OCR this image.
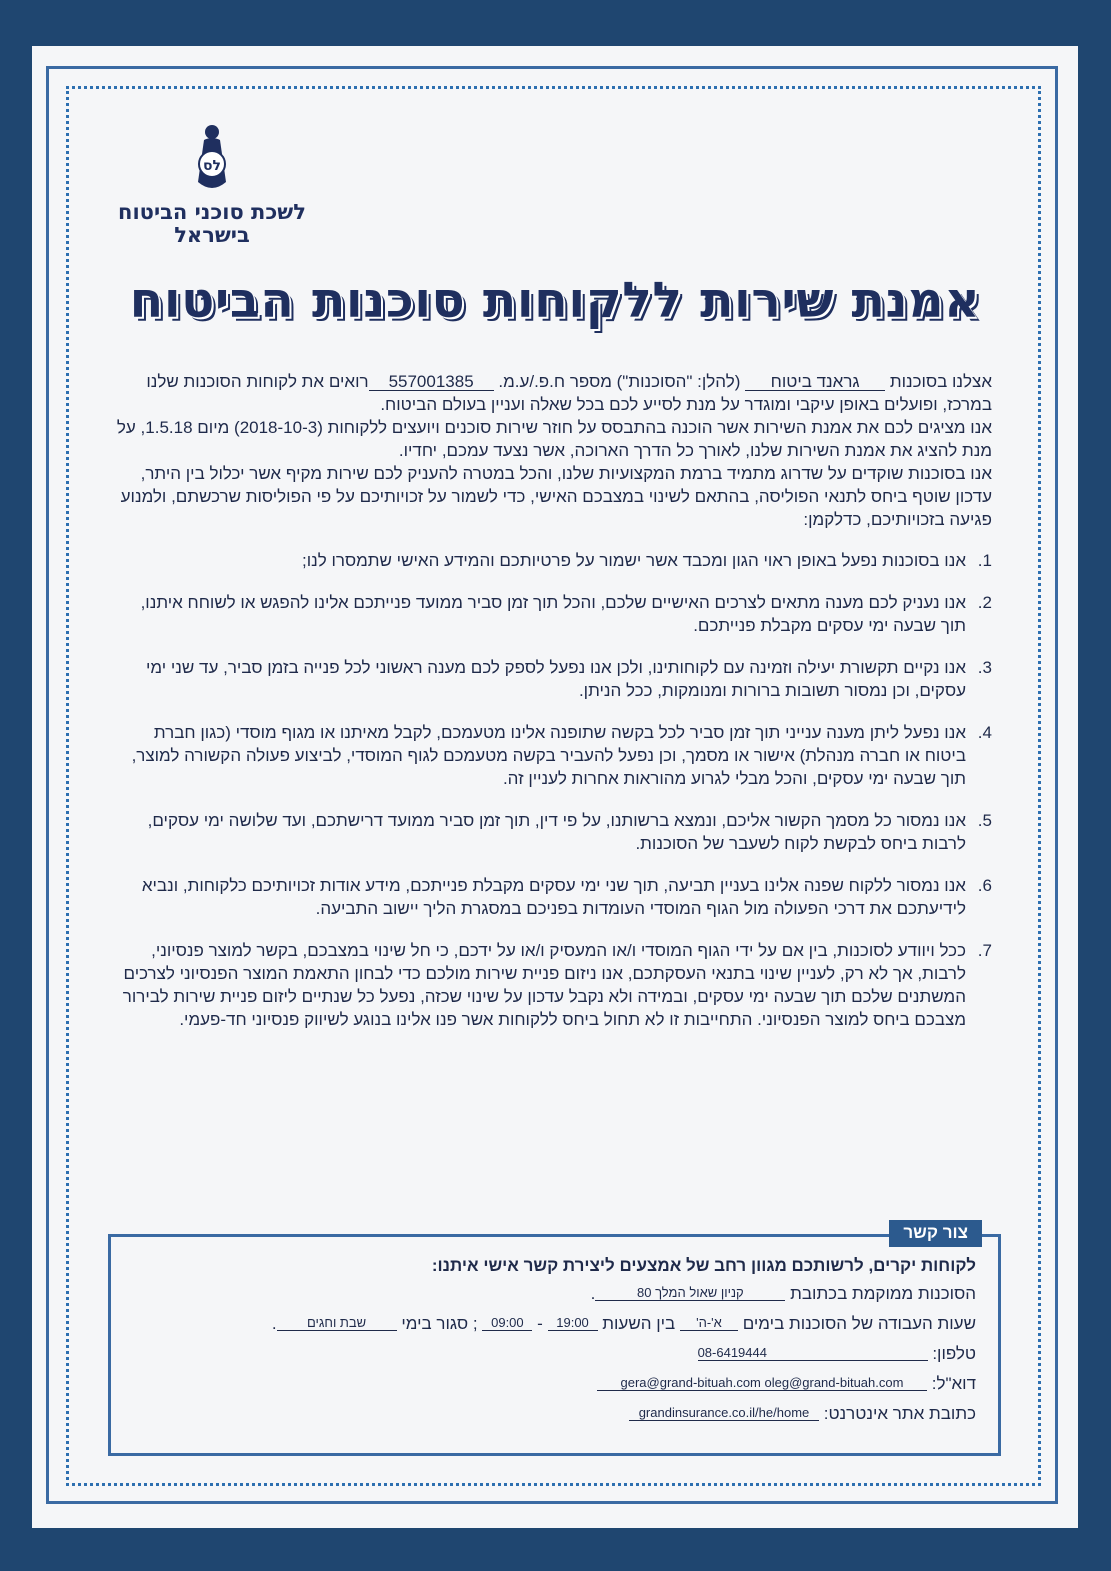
לס
לשכת סוכני הביטוח
בישראל
אמנת שירות ללקוחות סוכנות הביטוח

אצלנו בסוכנות גראנד ביטוח (להלן: "הסוכנות") מספר ח.פ./ע.מ. 557001385רואים את לקוחות הסוכנות שלנו במרכז, ופועלים באופן עיקבי ומוגדר על מנת לסייע לכם בכל שאלה ועניין בעולם הביטוח.

אנו מציגים לכם את אמנת השירות אשר הוכנה בהתבסס על חוזר שירות סוכנים ויועצים ללקוחות (2018-10-3) מיום 1.5.18, על מנת להציג את אמנת השירות שלנו, לאורך כל הדרך הארוכה, אשר נצעד עמכם, יחדיו.

אנו בסוכנות שוקדים על שדרוג מתמיד ברמת המקצועיות שלנו, והכל במטרה להעניק לכם שירות מקיף אשר יכלול בין היתר, עדכון שוטף ביחס לתנאי הפוליסה, בהתאם לשינוי במצבכם האישי, כדי לשמור על זכויותיכם על פי הפוליסות שרכשתם, ולמנוע פגיעה בזכויותיכם, כדלקמן:

1.
אנו בסוכנות נפעל באופן ראוי הגון ומכבד אשר ישמור על פרטיותכם והמידע האישי שתמסרו לנו;
2.
אנו נעניק לכם מענה מתאים לצרכים האישיים שלכם, והכל תוך זמן סביר ממועד פנייתכם אלינו להפגש או לשוחח איתנו, תוך שבעה ימי עסקים מקבלת פנייתכם.
3.
אנו נקיים תקשורת יעילה וזמינה עם לקוחותינו, ולכן אנו נפעל לספק לכם מענה ראשוני לכל פנייה בזמן סביר, עד שני ימי עסקים, וכן נמסור תשובות ברורות ומנומקות, ככל הניתן.
4.
אנו נפעל ליתן מענה ענייני תוך זמן סביר לכל בקשה שתופנה אלינו מטעמכם, לקבל מאיתנו או מגוף מוסדי (כגון חברת ביטוח או חברה מנהלת) אישור או מסמך, וכן נפעל להעביר בקשה מטעמכם לגוף המוסדי, לביצוע פעולה הקשורה למוצר, תוך שבעה ימי עסקים, והכל מבלי לגרוע מהוראות אחרות לעניין זה.
5.
אנו נמסור כל מסמך הקשור אליכם, ונמצא ברשותנו, על פי דין, תוך זמן סביר ממועד דרישתכם, ועד שלושה ימי עסקים, לרבות ביחס לבקשת לקוח לשעבר של הסוכנות.
6.
אנו נמסור ללקוח שפנה אלינו בעניין תביעה, תוך שני ימי עסקים מקבלת פנייתכם, מידע אודות זכויותיכם כלקוחות, ונביא לידיעתכם את דרכי הפעולה מול הגוף המוסדי העומדות בפניכם במסגרת הליך יישוב התביעה.
7.
ככל ויוודע לסוכנות, בין אם על ידי הגוף המוסדי ו/או המעסיק ו/או על ידכם, כי חל שינוי במצבכם, בקשר למוצר פנסיוני, לרבות, אך לא רק, לעניין שינוי בתנאי העסקתכם, אנו ניזום פניית שירות מולכם כדי לבחון התאמת המוצר הפנסיוני לצרכים המשתנים שלכם תוך שבעה ימי עסקים, ובמידה ולא נקבל עדכון על שינוי שכזה, נפעל כל שנתיים ליזום פניית שירות לבירור מצבכם ביחס למוצר הפנסיוני. התחייבות זו לא תחול ביחס ללקוחות אשר פנו אלינו בנוגע לשיווק פנסיוני חד-פעמי.
צור קשר
לקוחות יקרים, לרשותכם מגוון רחב של אמצעים ליצירת קשר אישי איתנו:
הסוכנות ממוקמת בכתובת קניון שאול המלך 80.
שעות העבודה של הסוכנות בימים א'-ה' בין השעות 19:00 - 09:00 ; סגור בימי שבת וחגים.
טלפון: 08-6419444
דוא"ל: gera@grand-bituah.com oleg@grand-bituah.com
כתובת אתר אינטרנט: grandinsurance.co.il/he/home
